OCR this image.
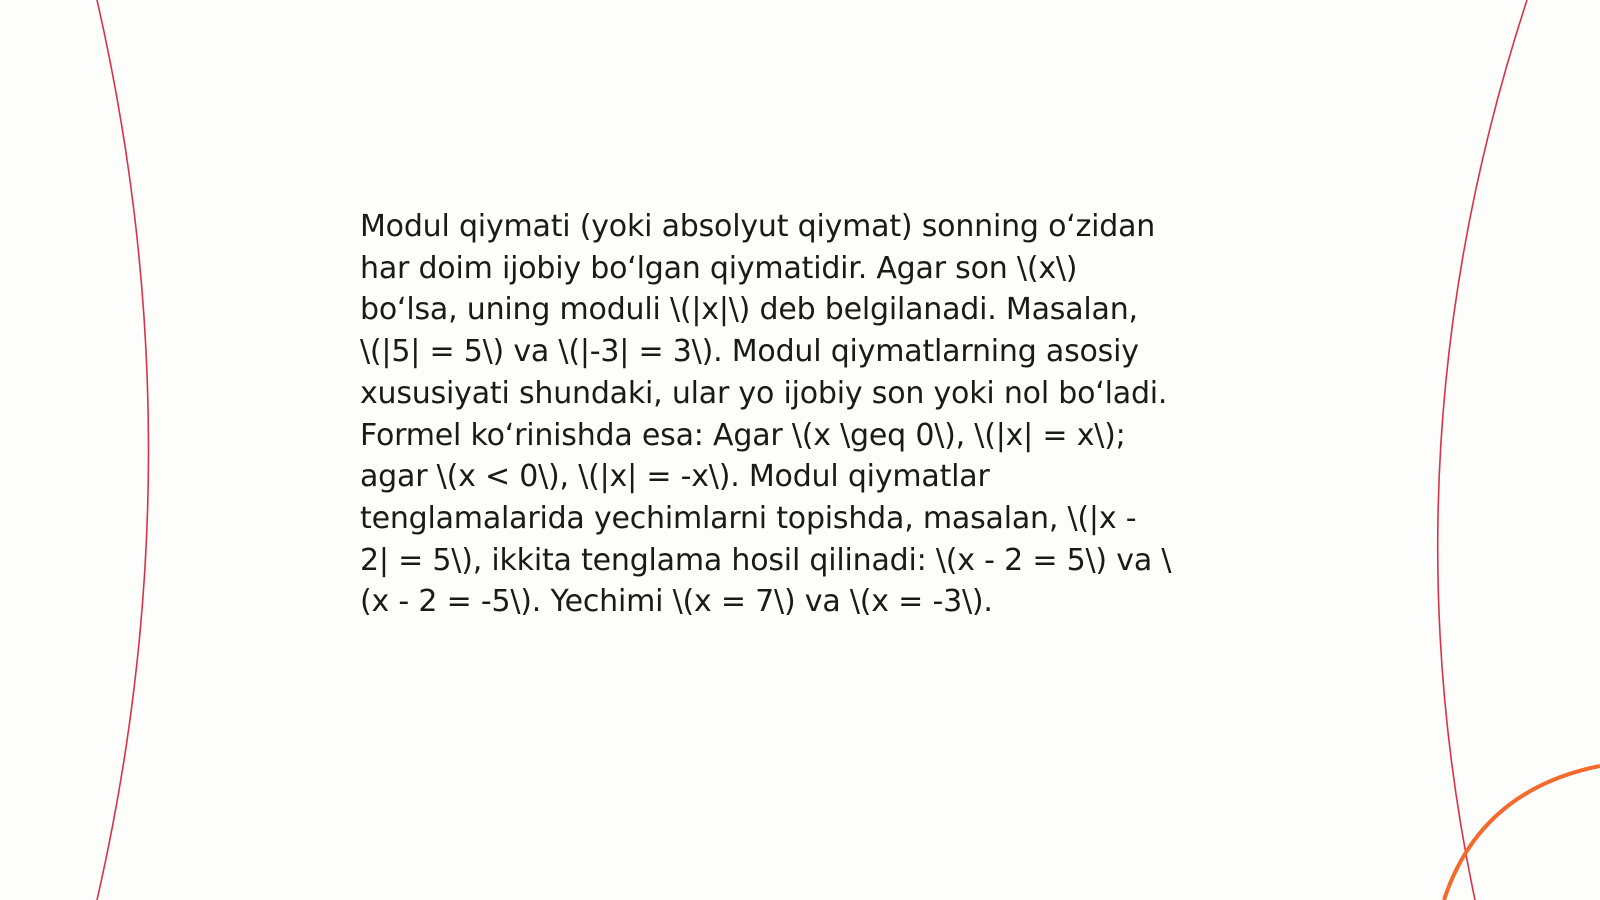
Modul qiymati (yoki absolyut qiymat) sonning o‘zidan
har doim ijobiy bo‘lgan qiymatidir. Agar son \(x\)
bo‘lsa, uning moduli \(|x|\) deb belgilanadi. Masalan,
\(|5| = 5\) va \(|-3| = 3\). Modul qiymatlarning asosiy
xususiyati shundaki, ular yo ijobiy son yoki nol bo‘ladi.
Formel ko‘rinishda esa: Agar \(x \geq 0\), \(|x| = x\);
agar \(x < 0\), \(|x| = -x\). Modul qiymatlar
tenglamalarida yechimlarni topishda, masalan, \(|x -
2| = 5\), ikkita tenglama hosil qilinadi: \(x - 2 = 5\) va \
(x - 2 = -5\). Yechimi \(x = 7\) va \(x = -3\).
